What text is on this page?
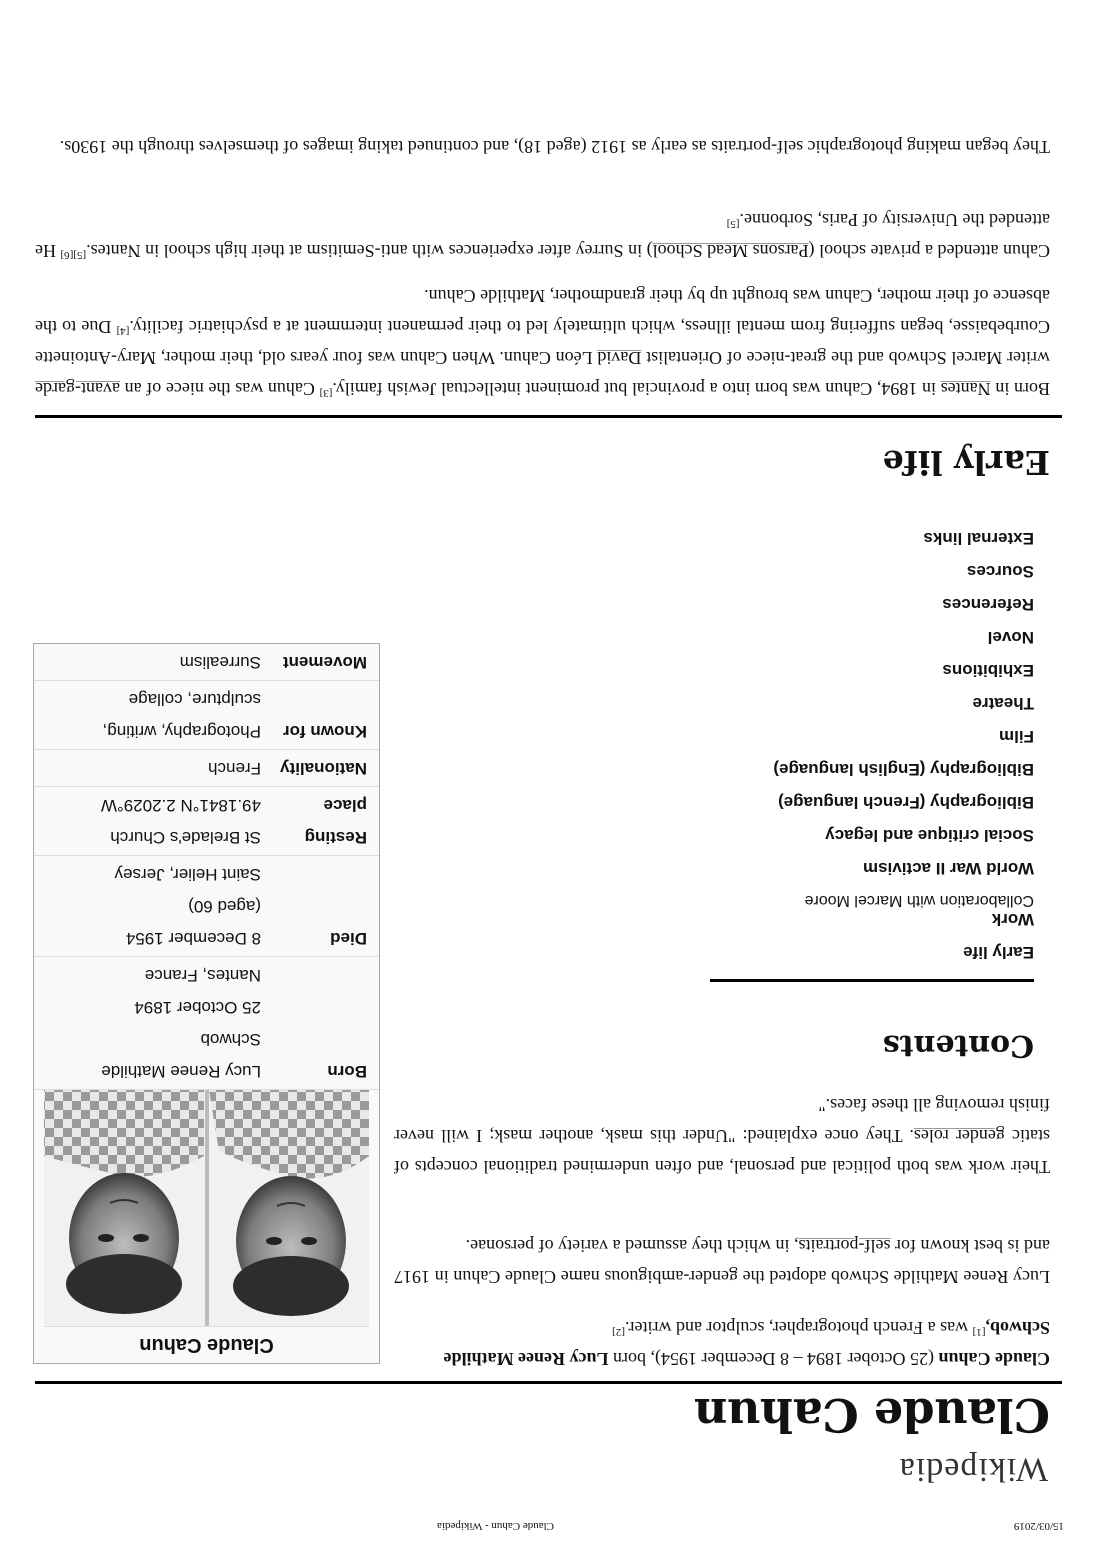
15/03/2019
Claude Cahun - Wikipedia
Wikipedia
Claude Cahun
Claude Cahun (25 October 1894 – 8 December 1954), born Lucy Renee Mathilde Schwob,[1] was a French photographer, sculptor and writer.[2]
Lucy Renee Mathilde Schwob adopted the gender-ambiguous name Claude Cahun in 1917 and is best known for self-portraits, in which they assumed a variety of personae.
Their work was both political and personal, and often undermined traditional concepts of static gender roles. They once explained: "Under this mask, another mask; I will never finish removing all these faces."
Claude Cahun
Born
Lucy Renee Mathilde
Schwob
25 October 1894
Nantes, France
Died
8 December 1954
(aged 60)
Saint Helier, Jersey
Resting place
St Brelade's Church
49.1841°N 2.2029°W
Nationality
French
Known for
Photography, writing,
sculpture, collage
Movement
Surrealism
Contents
Early life
Work
Collaboration with Marcel Moore
World War II activism
Social critique and legacy
Bibliography (French language)
Bibliography (English language)
Film
Theatre
Exhibitions
Novel
References
Sources
External links
Early life
Born in Nantes in 1894, Cahun was born into a provincial but prominent intellectual Jewish family.[3] Cahun was the niece of an avant-garde writer Marcel Schwob and the great-niece of Orientalist David Léon Cahun. When Cahun was four years old, their mother, Mary-Antoinette Courbebaisse, began suffering from mental illness, which ultimately led to their permanent internment at a psychiatric facility.[4] Due to the absence of their mother, Cahun was brought up by their grandmother, Mathilde Cahun.
Cahun attended a private school (Parsons Mead School) in Surrey after experiences with anti-Semitism at their high school in Nantes.[5][6] He attended the University of Paris, Sorbonne.[5]
They began making photographic self-portraits as early as 1912 (aged 18), and continued taking images of themselves through the 1930s.
